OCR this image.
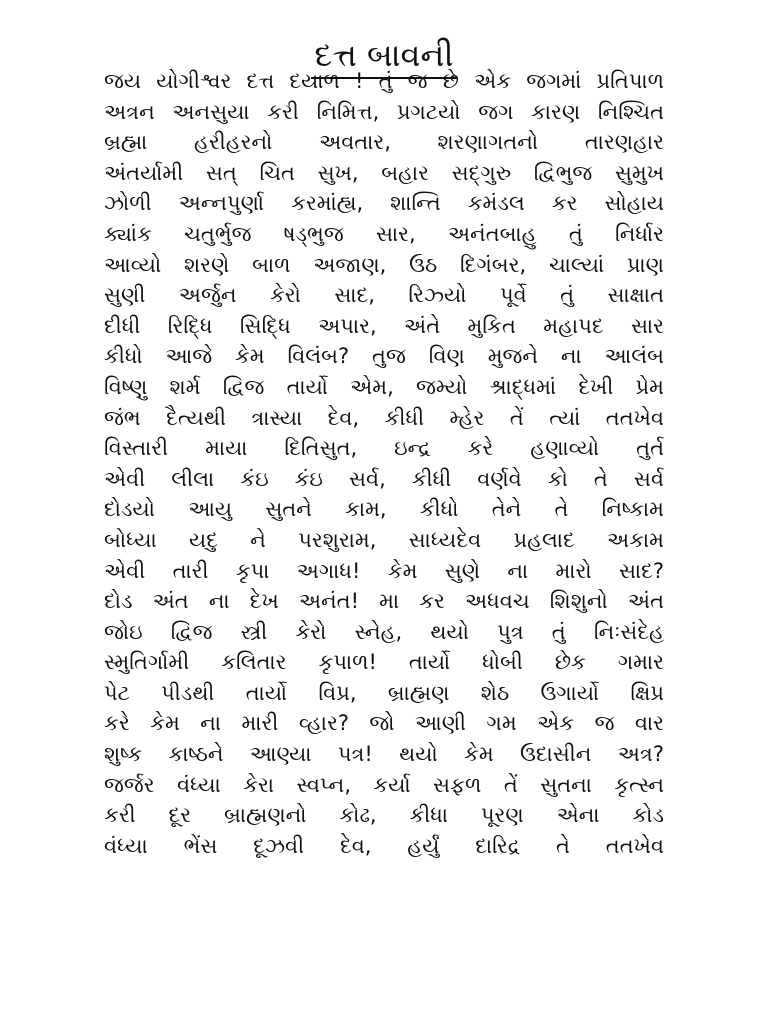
દત્ત બાવની
જય યોગીશ્વર દત્ત દયાળ ! તું જ છે એક જગમાં પ્રતિપાળ
અત્રન અનસુયા કરી નિમિત્ત, પ્રગટયો જગ કારણ નિશ્ચિત
બ્રહ્મા હરીહરનો અવતાર, શરણાગતનો તારણહાર
અંતર્યામી સત્ ચિત સુખ, બહાર સદ્ગુરુ દ્વિભુજ સુમુખ
ઝોળી અન્નપુર્ણા કરમાંહ્ય, શાન્તિ કમંડલ કર સોહાય
ક્યાંક ચતુર્ભુજ ષડ્ભુજ સાર, અનંતબાહુ તું નિર્ધાર
આવ્યો શરણે બાળ અજાણ, ઉઠ દિગંબર, ચાલ્યાં પ્રાણ
સુણી અર્જુન કેરો સાદ, રિઝ્યો પૂર્વે તું સાક્ષાત
દીધી રિદ્ધિ સિદ્ધિ અપાર, અંતે મુકિત મહાપદ સાર
કીધો આજે કેમ વિલંબ? તુજ વિણ મુજને ના આલંબ
વિષ્ણુ શર્મ દ્વિજ તાર્યો એમ, જમ્યો શ્રાદ્ધમાં દેખી પ્રેમ
જંભ દૈત્યથી ત્રાસ્યા દેવ, કીધી મ્હેર તેં ત્યાં તતખેવ
વિસ્તારી માયા દિતિસુત, ઇન્દ્ર કરે હણાવ્યો તુર્ત
એવી લીલા કંઇ કંઇ સર્વ, કીધી વર્ણવે કો તે સર્વ
દોડયો આયુ સુતને કામ, કીધો તેને તે નિષ્કામ
બોધ્યા યદુ ને પરશુરામ, સાધ્યદેવ પ્રહલાદ અકામ
એવી તારી કૃપા અગાધ! કેમ સુણે ના મારો સાદ?
દોડ અંત ના દેખ અનંત! મા કર અધવચ શિશુનો અંત
જોઇ દ્વિજ સ્ત્રી કેરો સ્નેહ, થયો પુત્ર તું નિઃસંદેહ
સ્મુતિર્ગામી કલિતાર કૃપાળ! તાર્યો ધોબી છેક ગમાર
પેટ પીડથી તાર્યો વિપ્ર, બ્રાહ્મણ શેઠ ઉગાર્યો ક્ષિપ્ર
કરે કેમ ના મારી વ્હાર? જો આણી ગમ એક જ વાર
શુષ્ક કાષ્ઠને આણ્યા પત્ર! થયો કેમ ઉદાસીન અત્ર?
જર્જર વંધ્યા કેરા સ્વપ્ન, કર્યા સફળ તેં સુતના કૃત્સ્ન
કરી દૂર બ્રાહ્મણનો કોઢ, કીધા પૂરણ એના કોડ
વંધ્યા ભેંસ દૂઝવી દેવ, હર્યું દારિદ્ર તે તતખેવ
